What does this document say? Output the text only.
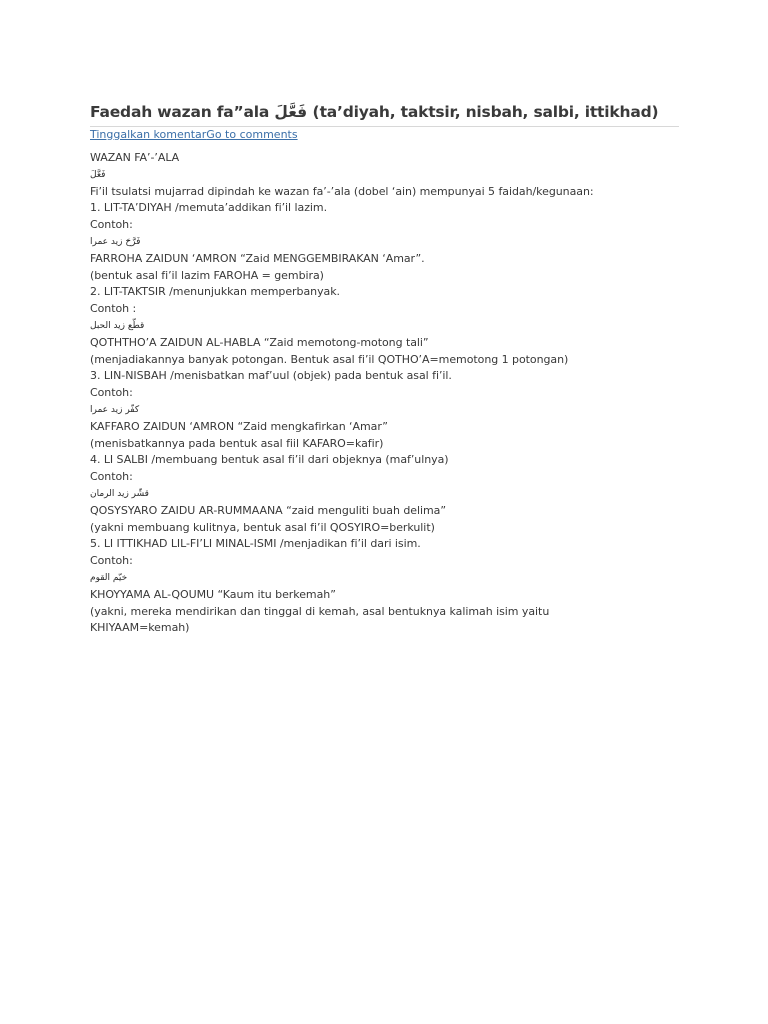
Faedah wazan fa”ala فَعَّلَ (ta’diyah, taktsir, nisbah, salbi, ittikhad)
Tinggalkan komentarGo to comments
WAZAN FA’-’ALA
فَعَّلَ
Fi’il tsulatsi mujarrad dipindah ke wazan fa’-’ala (dobel ‘ain) mempunyai 5 faidah/kegunaan:
1. LIT-TA’DIYAH /memuta’addikan fi’il lazim.
Contoh:
فَرَّحَ زيد عمرا
FARROHA ZAIDUN ‘AMRON “Zaid MENGGEMBIRAKAN ‘Amar”.
(bentuk asal fi’il lazim FAROHA = gembira)
2. LIT-TAKTSIR /menunjukkan memperbanyak.
Contoh :
قطّع زيد الحبل
QOTHTHO’A ZAIDUN AL-HABLA “Zaid memotong-motong tali”
(menjadiakannya banyak potongan. Bentuk asal fi’il QOTHO’A=memotong 1 potongan)
3. LIN-NISBAH /menisbatkan maf’uul (objek) pada bentuk asal fi’il.
Contoh:
كفّر زيد عمرا
KAFFARO ZAIDUN ‘AMRON “Zaid mengkafirkan ‘Amar”
(menisbatkannya pada bentuk asal fiil KAFARO=kafir)
4. LI SALBI /membuang bentuk asal fi’il dari objeknya (maf’ulnya)
Contoh:
قشّر زيد الرمان
QOSYSYARO ZAIDU AR-RUMMAANA “zaid menguliti buah delima”
(yakni membuang kulitnya, bentuk asal fi’il QOSYIRO=berkulit)
5. LI ITTIKHAD LIL-FI’LI MINAL-ISMI /menjadikan fi’il dari isim.
Contoh:
خيّم القوم
KHOYYAMA AL-QOUMU “Kaum itu berkemah”
(yakni, mereka mendirikan dan tinggal di kemah, asal bentuknya kalimah isim yaitu KHIYAAM=kemah)
